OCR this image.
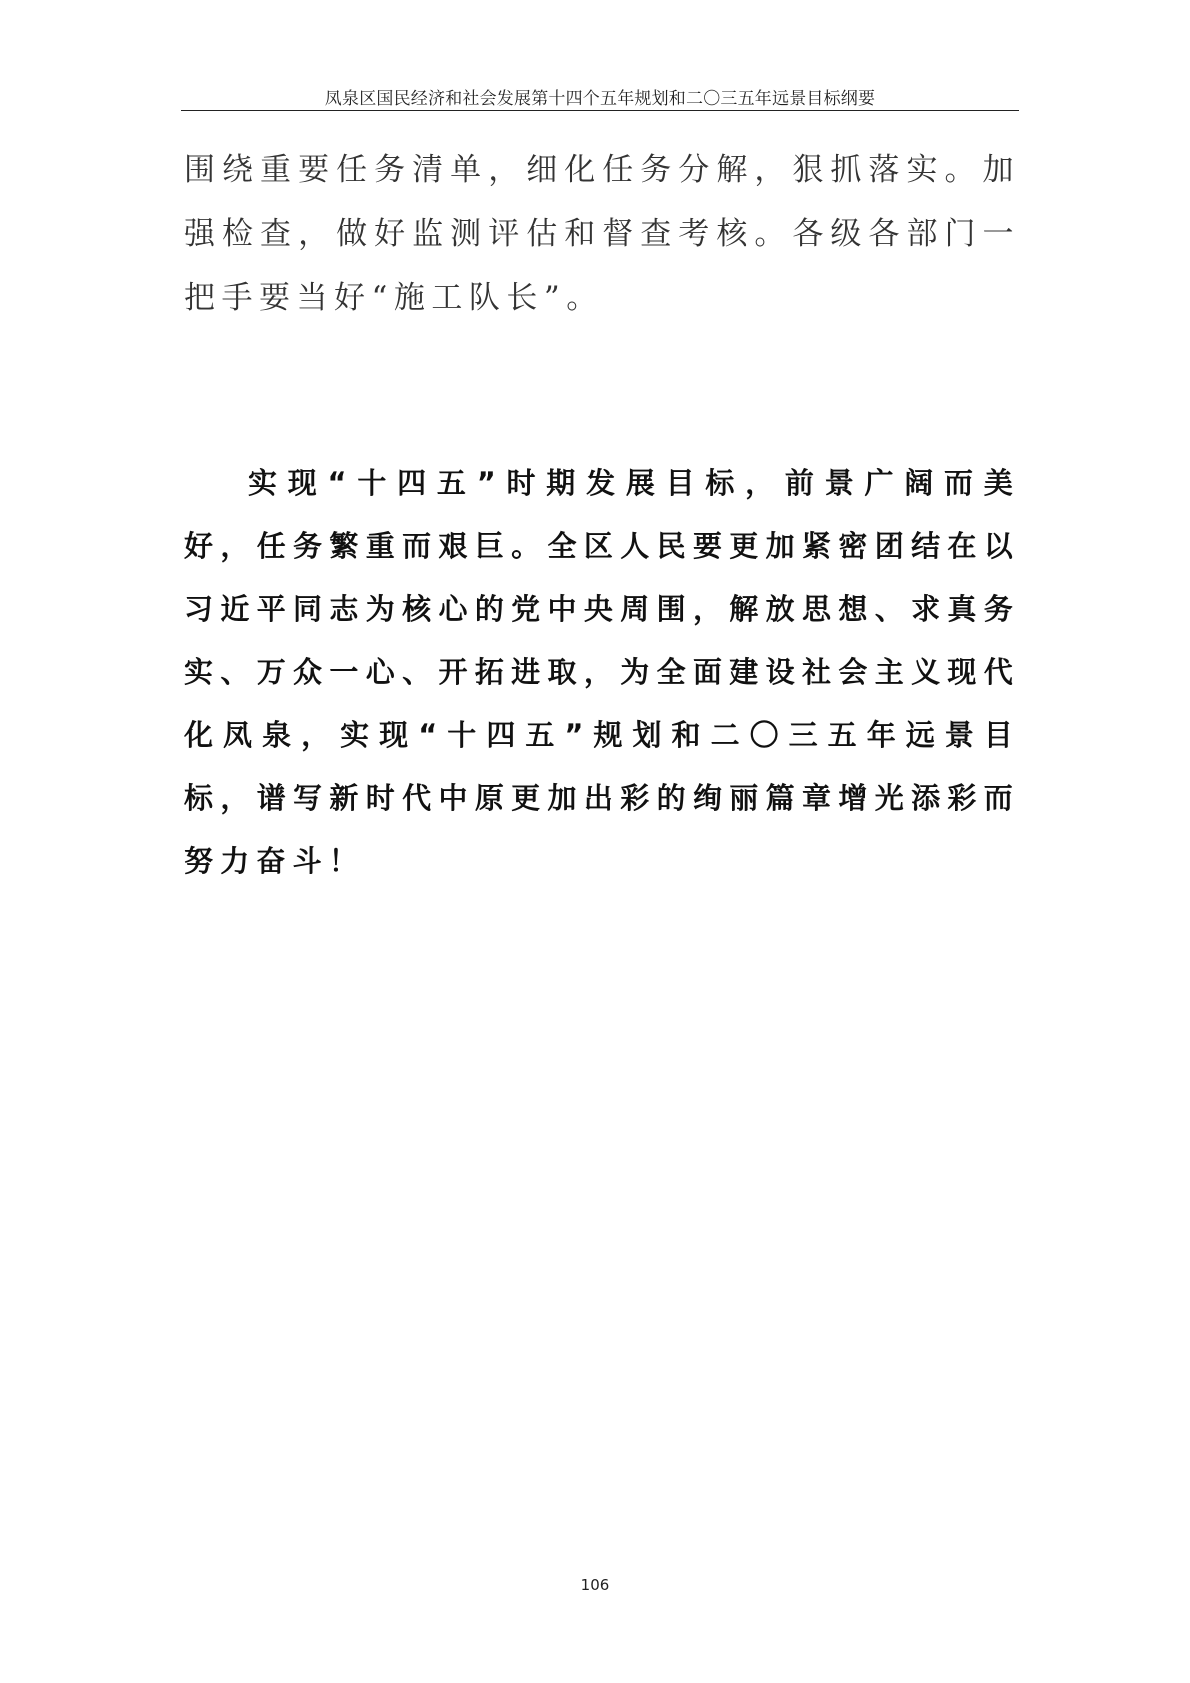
凤泉区国民经济和社会发展第十四个五年规划和二〇三五年远景目标纲要

围绕重要任务清单，细化任务分解，狠抓落实。加强检查，做好监测评估和督查考核。各级各部门一把手要当好“施工队长”。

实现“十四五”时期发展目标，前景广阔而美好，任务繁重而艰巨。全区人民要更加紧密团结在以习近平同志为核心的党中央周围，解放思想、求真务实、万众一心、开拓进取，为全面建设社会主义现代化凤泉，实现“十四五”规划和二〇三五年远景目标，谱写新时代中原更加出彩的绚丽篇章增光添彩而努力奋斗！

106
